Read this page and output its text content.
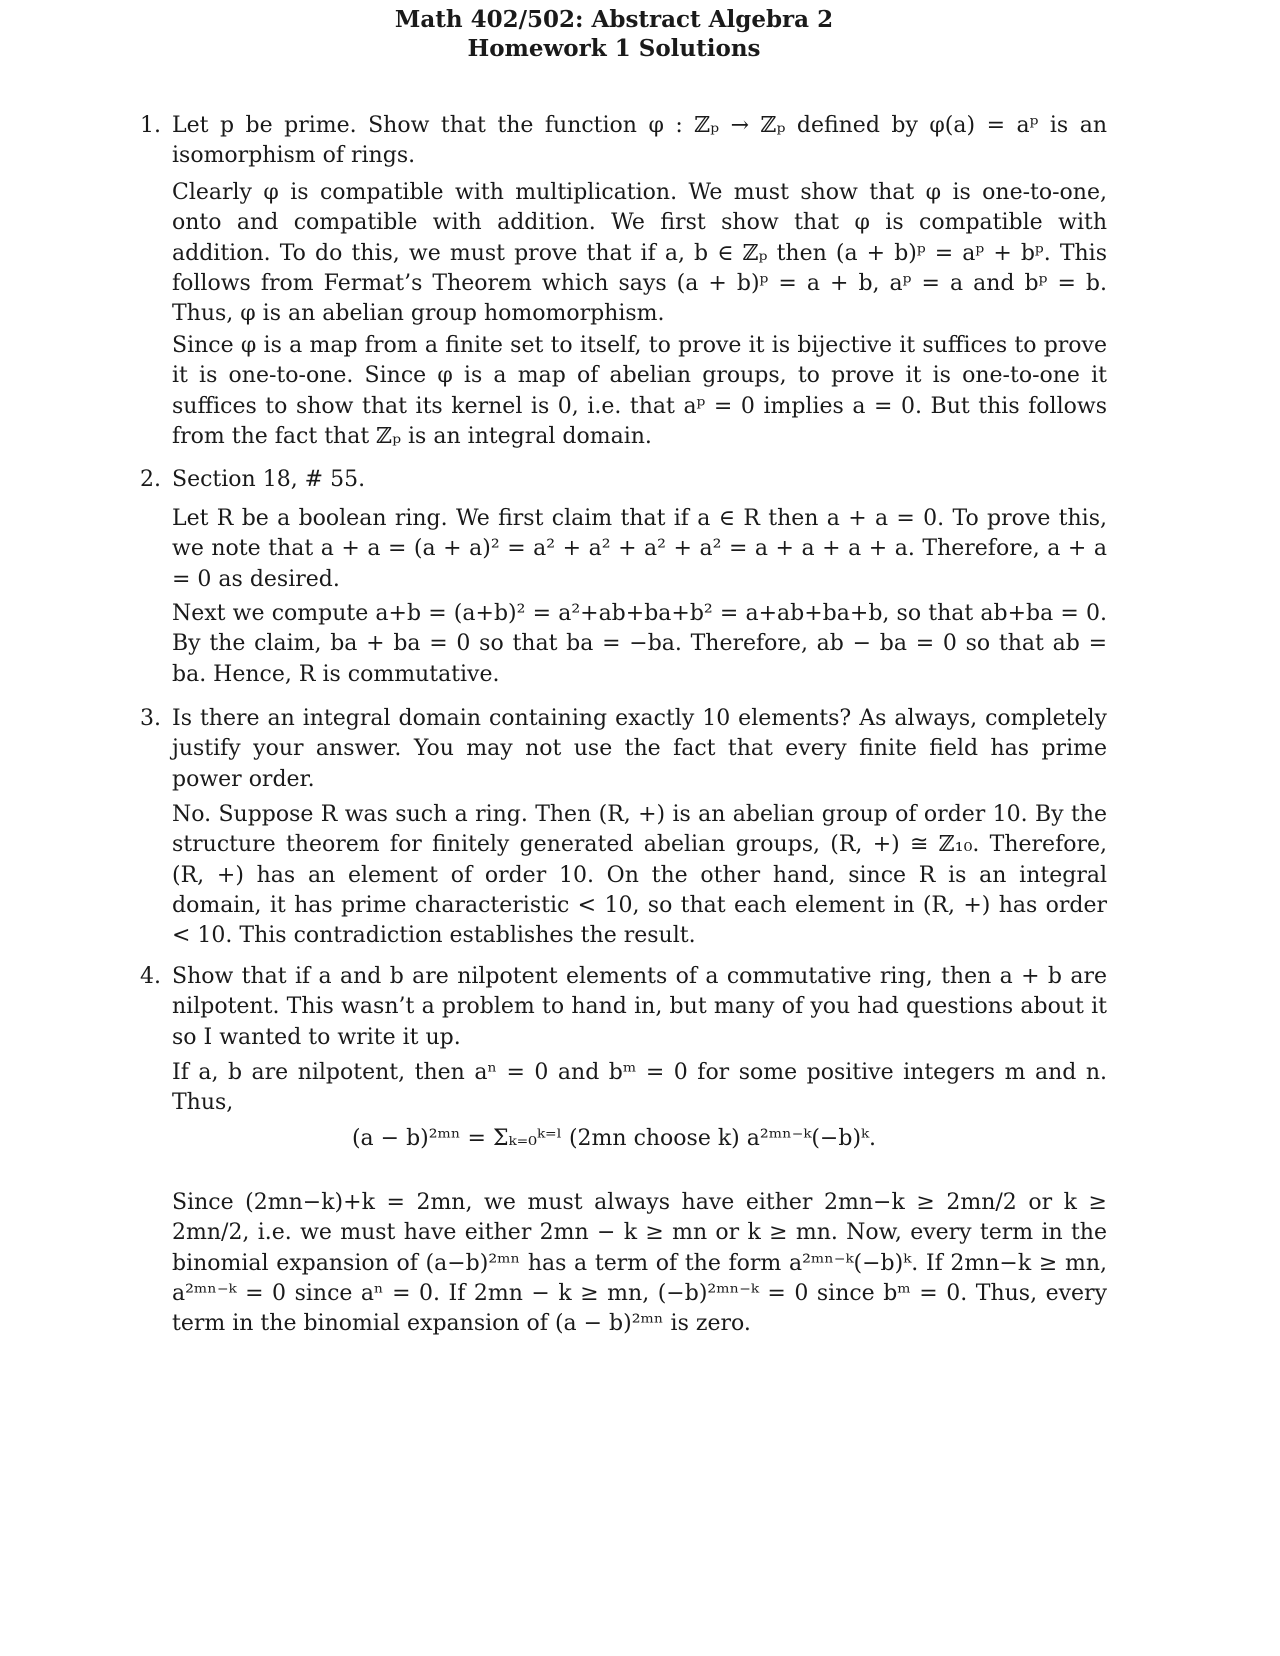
Math 402/502: Abstract Algebra 2
Homework 1 Solutions
1. Let p be prime. Show that the function φ : ℤₚ → ℤₚ defined by φ(a) = aᵖ is an isomorphism of rings.
Clearly φ is compatible with multiplication. We must show that φ is one-to-one, onto and compatible with addition. We first show that φ is compatible with addition. To do this, we must prove that if a, b ∈ ℤₚ then (a + b)ᵖ = aᵖ + bᵖ. This follows from Fermat’s Theorem which says (a + b)ᵖ = a + b, aᵖ = a and bᵖ = b. Thus, φ is an abelian group homomorphism.
Since φ is a map from a finite set to itself, to prove it is bijective it suffices to prove it is one-to-one. Since φ is a map of abelian groups, to prove it is one-to-one it suffices to show that its kernel is 0, i.e. that aᵖ = 0 implies a = 0. But this follows from the fact that ℤₚ is an integral domain.
2. Section 18, # 55.
Let R be a boolean ring. We first claim that if a ∈ R then a + a = 0. To prove this, we note that a + a = (a + a)² = a² + a² + a² + a² = a + a + a + a. Therefore, a + a = 0 as desired.
Next we compute a+b = (a+b)² = a²+ab+ba+b² = a+ab+ba+b, so that ab+ba = 0. By the claim, ba + ba = 0 so that ba = −ba. Therefore, ab − ba = 0 so that ab = ba. Hence, R is commutative.
3. Is there an integral domain containing exactly 10 elements? As always, completely justify your answer. You may not use the fact that every finite field has prime power order.
No. Suppose R was such a ring. Then (R, +) is an abelian group of order 10. By the structure theorem for finitely generated abelian groups, (R, +) ≅ ℤ₁₀. Therefore, (R, +) has an element of order 10. On the other hand, since R is an integral domain, it has prime characteristic < 10, so that each element in (R, +) has order < 10. This contradiction establishes the result.
4. Show that if a and b are nilpotent elements of a commutative ring, then a + b are nilpotent. This wasn’t a problem to hand in, but many of you had questions about it so I wanted to write it up.
If a, b are nilpotent, then aⁿ = 0 and bᵐ = 0 for some positive integers m and n. Thus,
(a − b)²ᵐⁿ = Σₖ₌₀ᵏ⁼ˡ (2mn choose k) a²ᵐⁿ⁻ᵏ(−b)ᵏ.
Since (2mn−k)+k = 2mn, we must always have either 2mn−k ≥ 2mn/2 or k ≥ 2mn/2, i.e. we must have either 2mn − k ≥ mn or k ≥ mn. Now, every term in the binomial expansion of (a−b)²ᵐⁿ has a term of the form a²ᵐⁿ⁻ᵏ(−b)ᵏ. If 2mn−k ≥ mn, a²ᵐⁿ⁻ᵏ = 0 since aⁿ = 0. If 2mn − k ≥ mn, (−b)²ᵐⁿ⁻ᵏ = 0 since bᵐ = 0. Thus, every term in the binomial expansion of (a − b)²ᵐⁿ is zero.
